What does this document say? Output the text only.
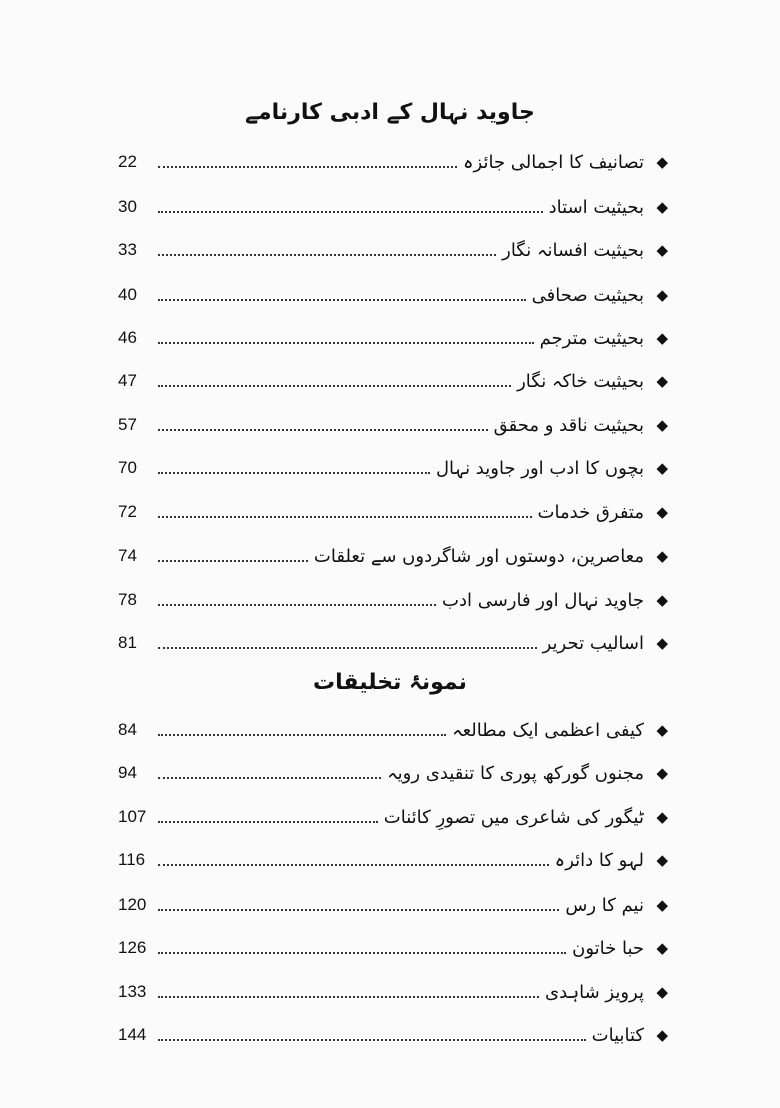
جاوید نہال کے ادبی کارنامے
22	تصانیف کا اجمالی جائزہ ◆
30	بحیثیت استاد ◆
33	بحیثیت افسانہ نگار ◆
40	بحیثیت صحافی ◆
46	بحیثیت مترجم ◆
47	بحیثیت خاکہ نگار ◆
57	بحیثیت ناقد و محقق ◆
70	بچوں کا ادب اور جاوید نہال ◆
72	متفرق خدمات ◆
74	معاصرین، دوستوں اور شاگردوں سے تعلقات ◆
78	جاوید نہال اور فارسی ادب ◆
81	اسالیب تحریر ◆
نمونۂ تخلیقات
84	کیفی اعظمی ایک مطالعہ ◆
94	مجنوں گورکھ پوری کا تنقیدی رویہ ◆
107	ٹیگور کی شاعری میں تصورِ کائنات ◆
116	لہو کا دائرہ ◆
120	نیم کا رس ◆
126	حبا خاتون ◆
133	پرویز شاہدی ◆
144	کتابیات ◆
